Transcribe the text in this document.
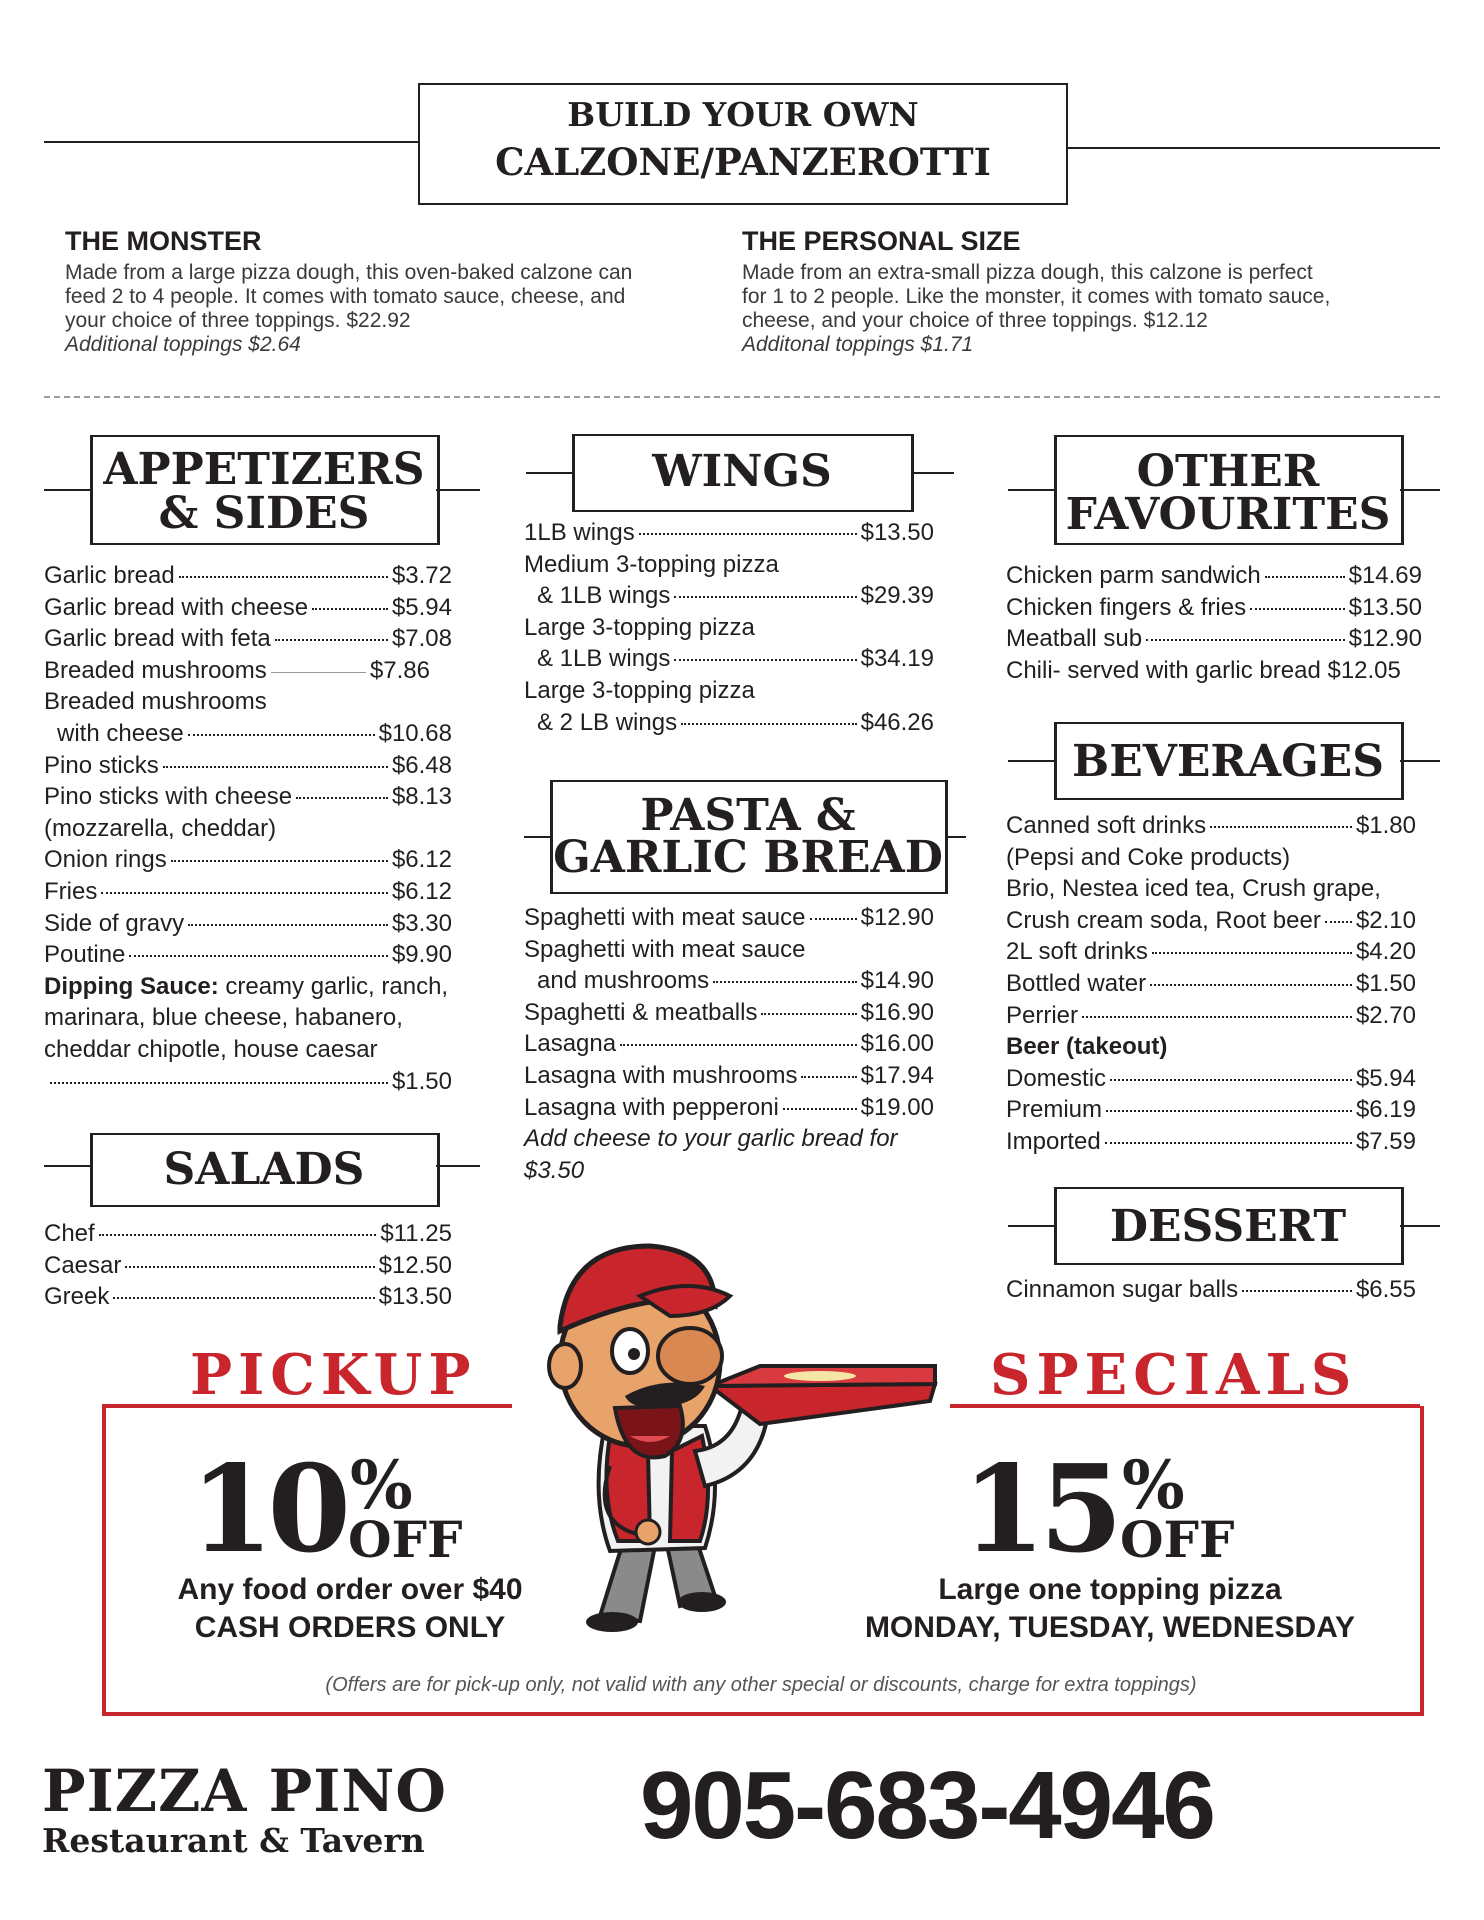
BUILD YOUR OWN
CALZONE/PANZEROTTI
THE MONSTER
Made from a large pizza dough, this oven-baked calzone can
feed 2 to 4 people. It comes with tomato sauce, cheese, and
your choice of three toppings. $22.92
Additional toppings $2.64
THE PERSONAL SIZE
Made from an extra-small pizza dough, this calzone is perfect
for 1 to 2 people. Like the monster, it comes with tomato sauce,
cheese, and your choice of three toppings. $12.12
Additonal toppings $1.71
APPETIZERS
& SIDES
Garlic bread	$3.72
Garlic bread with cheese	$5.94
Garlic bread with feta	$7.08
Breaded mushrooms	$7.86
Breaded mushrooms
with cheese	$10.68
Pino sticks	$6.48
Pino sticks with cheese	$8.13
(mozzarella, cheddar)
Onion rings	$6.12
Fries	$6.12
Side of gravy	$3.30
Poutine	$9.90
Dipping Sauce: creamy garlic, ranch,
marinara, blue cheese, habanero,
cheddar chipotle, house caesar
$1.50
SALADS
Chef	$11.25
Caesar	$12.50
Greek	$13.50
WINGS
1LB wings	$13.50
Medium 3-topping pizza
& 1LB wings	$29.39
Large 3-topping pizza
& 1LB wings	$34.19
Large 3-topping pizza
& 2 LB wings	$46.26
PASTA &
GARLIC BREAD
Spaghetti with meat sauce $12.90
Spaghetti with meat sauce
and mushrooms	$14.90
Spaghetti & meatballs	$16.90
Lasagna	$16.00
Lasagna with mushrooms	$17.94
Lasagna with pepperoni	$19.00
Add cheese to your garlic bread for
$3.50
OTHER
FAVOURITES
Chicken parm sandwich	$14.69
Chicken fingers & fries	$13.50
Meatball sub	$12.90
Chili- served with garlic bread $12.05
BEVERAGES
Canned soft drinks	$1.80
(Pepsi and Coke products)
Brio, Nestea iced tea, Crush grape,
Crush cream soda, Root beer $2.10
2L soft drinks	$4.20
Bottled water	$1.50
Perrier	$2.70
Beer (takeout)
Domestic	$5.94
Premium	$6.19
Imported	$7.59
DESSERT
Cinnamon sugar balls	$6.55
PICKUP	SPECIALS
10 %
OFF
Any food order over $40
CASH ORDERS ONLY
15 %
OFF
Large one topping pizza
MONDAY, TUESDAY, WEDNESDAY
(Offers are for pick-up only, not valid with any other special or discounts, charge for extra toppings)
PIZZA PINO
Restaurant & Tavern 905-683-4946
